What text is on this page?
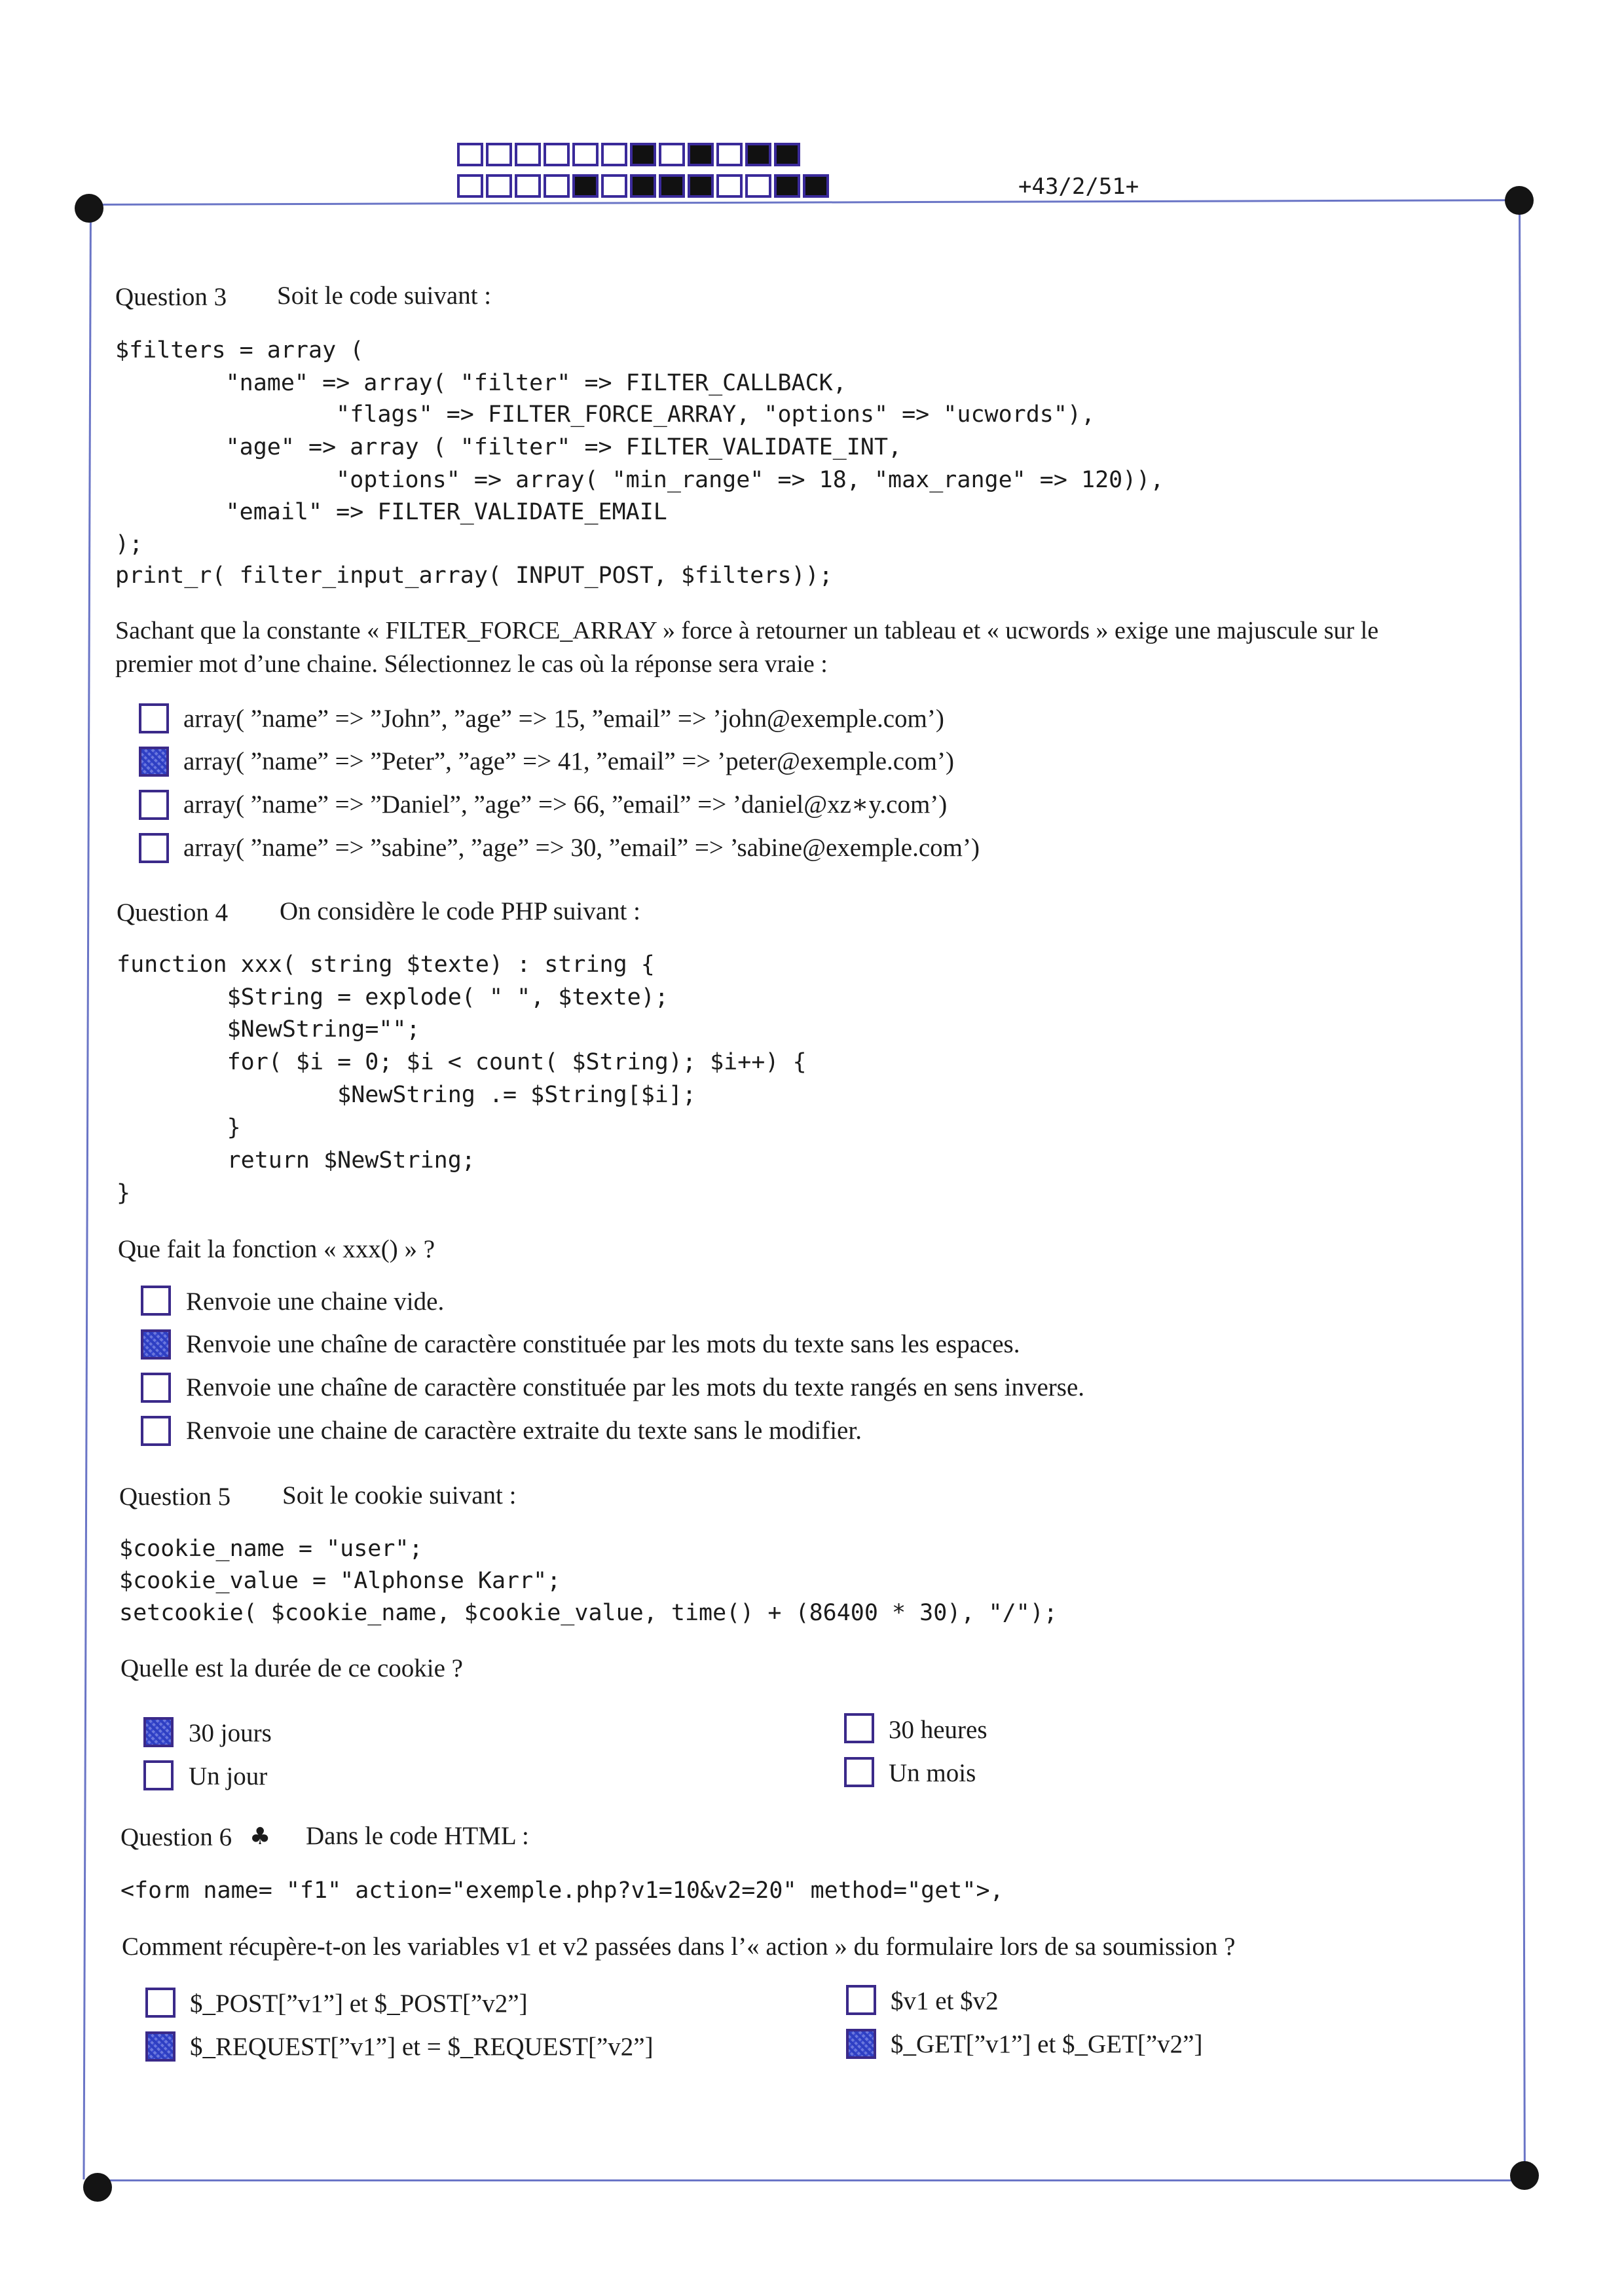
+43/2/51+
Question 3 Soit le code suivant :
$filters = array (
"name" => array( "filter" => FILTER_CALLBACK,
"flags" => FILTER_FORCE_ARRAY, "options" => "ucwords"),
"age" => array ( "filter" => FILTER_VALIDATE_INT,
"options" => array( "min_range" => 18, "max_range" => 120)),
"email" => FILTER_VALIDATE_EMAIL
);
print_r( filter_input_array( INPUT_POST, $filters));
Sachant que la constante « FILTER_FORCE_ARRAY » force à retourner un tableau et « ucwords » exige une majuscule sur le
premier mot d’une chaine. Sélectionnez le cas où la réponse sera vraie :
array( ”name” => ”John”, ”age” => 15, ”email” => ’john@exemple.com’)
array( ”name” => ”Peter”, ”age” => 41, ”email” => ’peter@exemple.com’)
array( ”name” => ”Daniel”, ”age” => 66, ”email” => ’daniel@xz∗y.com’)
array( ”name” => ”sabine”, ”age” => 30, ”email” => ’sabine@exemple.com’)
Question 4 On considère le code PHP suivant :
function xxx( string $texte) : string {
$String = explode( " ", $texte);
$NewString="";
for( $i = 0; $i < count( $String); $i++) {
$NewString .= $String[$i];
}
return $NewString;
}
Que fait la fonction « xxx() » ?
Renvoie une chaine vide.
Renvoie une chaîne de caractère constituée par les mots du texte sans les espaces.
Renvoie une chaîne de caractère constituée par les mots du texte rangés en sens inverse.
Renvoie une chaine de caractère extraite du texte sans le modifier.
Question 5 Soit le cookie suivant :
$cookie_name = "user";
$cookie_value = "Alphonse Karr";
setcookie( $cookie_name, $cookie_value, time() + (86400 * 30), "/");
Quelle est la durée de ce cookie ?
30 jours
Un jour
30 heures
Un mois
Question 6 ♣ Dans le code HTML :
<form name= "f1" action="exemple.php?v1=10&v2=20" method="get">,
Comment récupère-t-on les variables v1 et v2 passées dans l’« action » du formulaire lors de sa soumission ?
$_POST[”v1”] et $_POST[”v2”]
$_REQUEST[”v1”] et = $_REQUEST[”v2”]
$v1 et $v2
$_GET[”v1”] et $_GET[”v2”]
